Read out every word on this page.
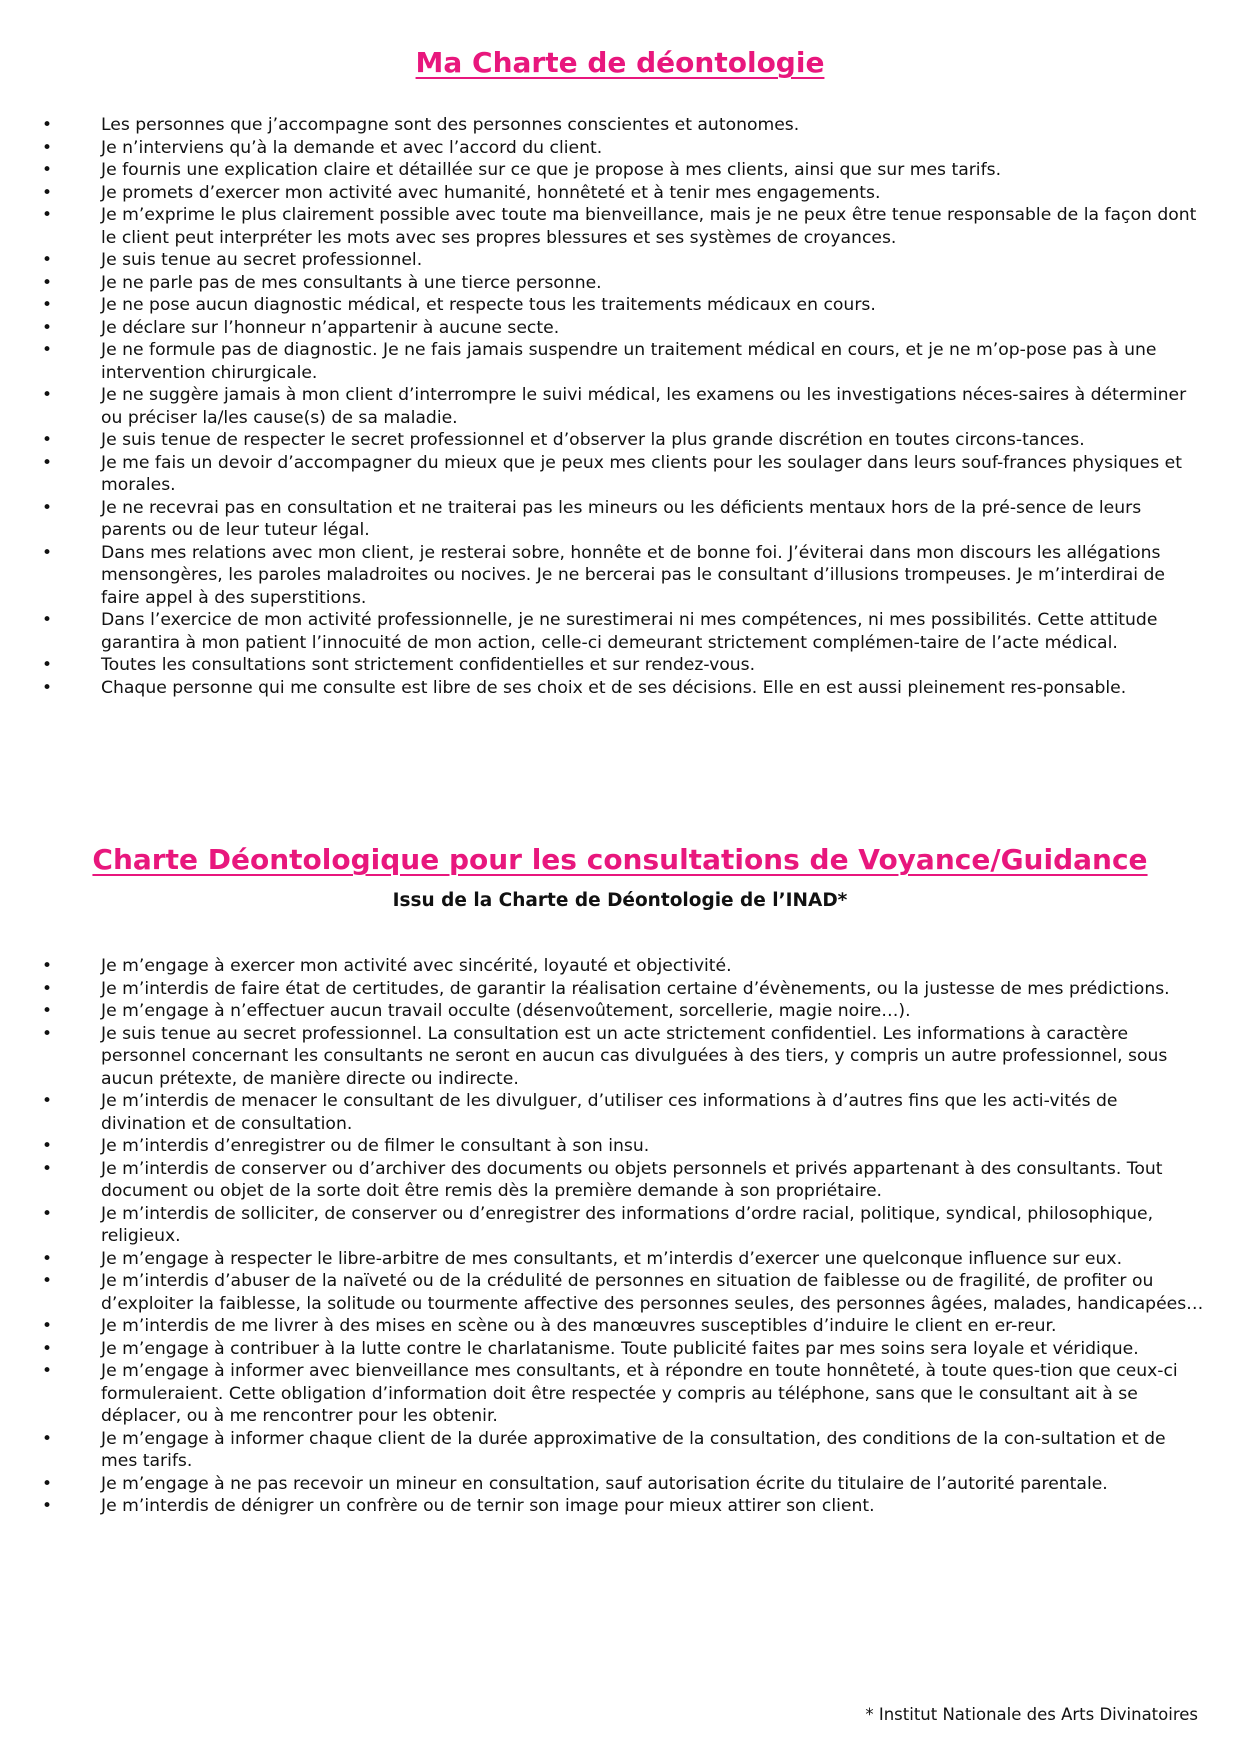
Ma Charte de déontologie
•	Les personnes que j’accompagne sont des personnes conscientes et autonomes.
•	Je n’interviens qu’à la demande et avec l’accord du client.
•	Je fournis une explication claire et détaillée sur ce que je propose à mes clients, ainsi que sur mes tarifs.
•	Je promets d’exercer mon activité avec humanité, honnêteté et à tenir mes engagements.
•	Je m’exprime le plus clairement possible avec toute ma bienveillance, mais je ne peux être tenue responsable de la façon dont le client peut interpréter les mots avec ses propres blessures et ses systèmes de croyances.
•	Je suis tenue au secret professionnel.
•	Je ne parle pas de mes consultants à une tierce personne.
•	Je ne pose aucun diagnostic médical, et respecte tous les traitements médicaux en cours.
•	Je déclare sur l’honneur n’appartenir à aucune secte.
•	Je ne formule pas de diagnostic. Je ne fais jamais suspendre un traitement médical en cours, et je ne m’op-pose pas à une intervention chirurgicale.
•	Je ne suggère jamais à mon client d’interrompre le suivi médical, les examens ou les investigations néces-saires à déterminer ou préciser la/les cause(s) de sa maladie.
•	Je suis tenue de respecter le secret professionnel et d’observer la plus grande discrétion en toutes circons-tances.
•	Je me fais un devoir d’accompagner du mieux que je peux mes clients pour les soulager dans leurs souf-frances physiques et morales.
•	Je ne recevrai pas en consultation et ne traiterai pas les mineurs ou les déficients mentaux hors de la pré-sence de leurs parents ou de leur tuteur légal.
•	Dans mes relations avec mon client, je resterai sobre, honnête et de bonne foi. J’éviterai dans mon discours les allégations mensongères, les paroles maladroites ou nocives. Je ne bercerai pas le consultant d’illusions trompeuses. Je m’interdirai de faire appel à des superstitions.
•	Dans l’exercice de mon activité professionnelle, je ne surestimerai ni mes compétences, ni mes possibilités. Cette attitude garantira à mon patient l’innocuité de mon action, celle-ci demeurant strictement complémen-taire de l’acte médical.
•	Toutes les consultations sont strictement confidentielles et sur rendez-vous.
•	Chaque personne qui me consulte est libre de ses choix et de ses décisions. Elle en est aussi pleinement res-ponsable.
Charte Déontologique pour les consultations de Voyance/Guidance

Issu de la Charte de Déontologie de l’INAD*

•	Je m’engage à exercer mon activité avec sincérité, loyauté et objectivité.
•	Je m’interdis de faire état de certitudes, de garantir la réalisation certaine d’évènements, ou la justesse de mes prédictions.
•	Je m’engage à n’effectuer aucun travail occulte (désenvoûtement, sorcellerie, magie noire…).
•	Je suis tenue au secret professionnel. La consultation est un acte strictement confidentiel. Les informations à caractère personnel concernant les consultants ne seront en aucun cas divulguées à des tiers, y compris un autre professionnel, sous aucun prétexte, de manière directe ou indirecte.
•	Je m’interdis de menacer le consultant de les divulguer, d’utiliser ces informations à d’autres fins que les acti-vités de divination et de consultation.
•	Je m’interdis d’enregistrer ou de filmer le consultant à son insu.
•	Je m’interdis de conserver ou d’archiver des documents ou objets personnels et privés appartenant à des consultants. Tout document ou objet de la sorte doit être remis dès la première demande à son propriétaire.
•	Je m’interdis de solliciter, de conserver ou d’enregistrer des informations d’ordre racial, politique, syndical, philosophique, religieux.
•	Je m’engage à respecter le libre-arbitre de mes consultants, et m’interdis d’exercer une quelconque influence sur eux.
•	Je m’interdis d’abuser de la naïveté ou de la crédulité de personnes en situation de faiblesse ou de fragilité, de profiter ou d’exploiter la faiblesse, la solitude ou tourmente affective des personnes seules, des personnes âgées, malades, handicapées…
•	Je m’interdis de me livrer à des mises en scène ou à des manœuvres susceptibles d’induire le client en er-reur.
•	Je m’engage à contribuer à la lutte contre le charlatanisme. Toute publicité faites par mes soins sera loyale et véridique.
•	Je m’engage à informer avec bienveillance mes consultants, et à répondre en toute honnêteté, à toute ques-tion que ceux-ci formuleraient. Cette obligation d’information doit être respectée y compris au téléphone, sans que le consultant ait à se déplacer, ou à me rencontrer pour les obtenir.
•	Je m’engage à informer chaque client de la durée approximative de la consultation, des conditions de la con-sultation et de mes tarifs.
•	Je m’engage à ne pas recevoir un mineur en consultation, sauf autorisation écrite du titulaire de l’autorité parentale.
•	Je m’interdis de dénigrer un confrère ou de ternir son image pour mieux attirer son client.

* Institut Nationale des Arts Divinatoires
